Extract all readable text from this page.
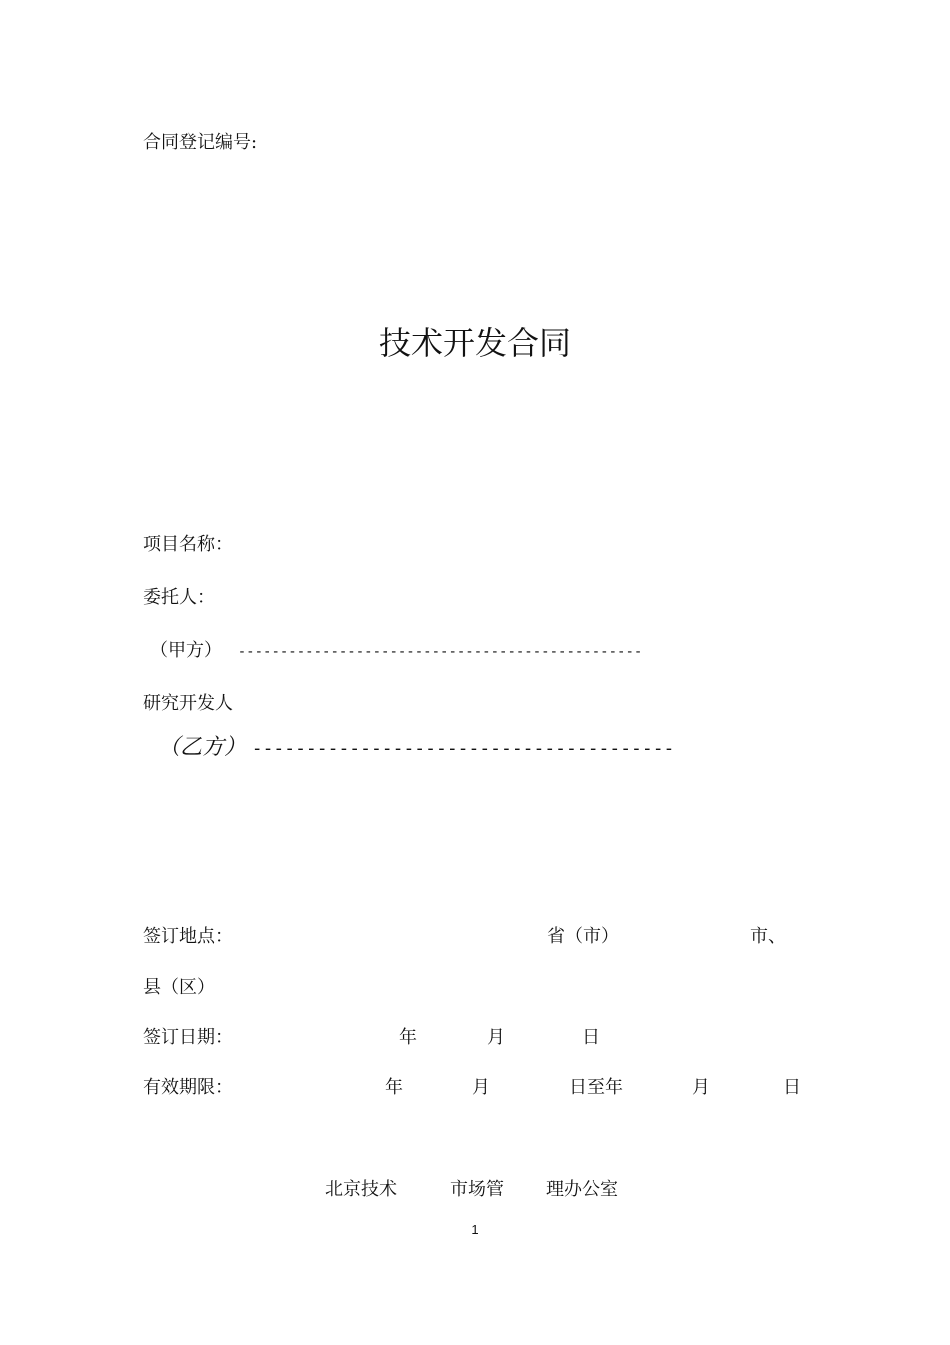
合同登记编号:
技术开发合同
项目名称：
委托人：
（甲方） ------------------------------------------------
研究开发人
（乙方） ---------------------------------------
签订地点：	省（市）	市、
县（区）
签订日期：	年	月	日
有效期限：	年	月	日至年	月	日
北京技术	市场管 理办公室
1
